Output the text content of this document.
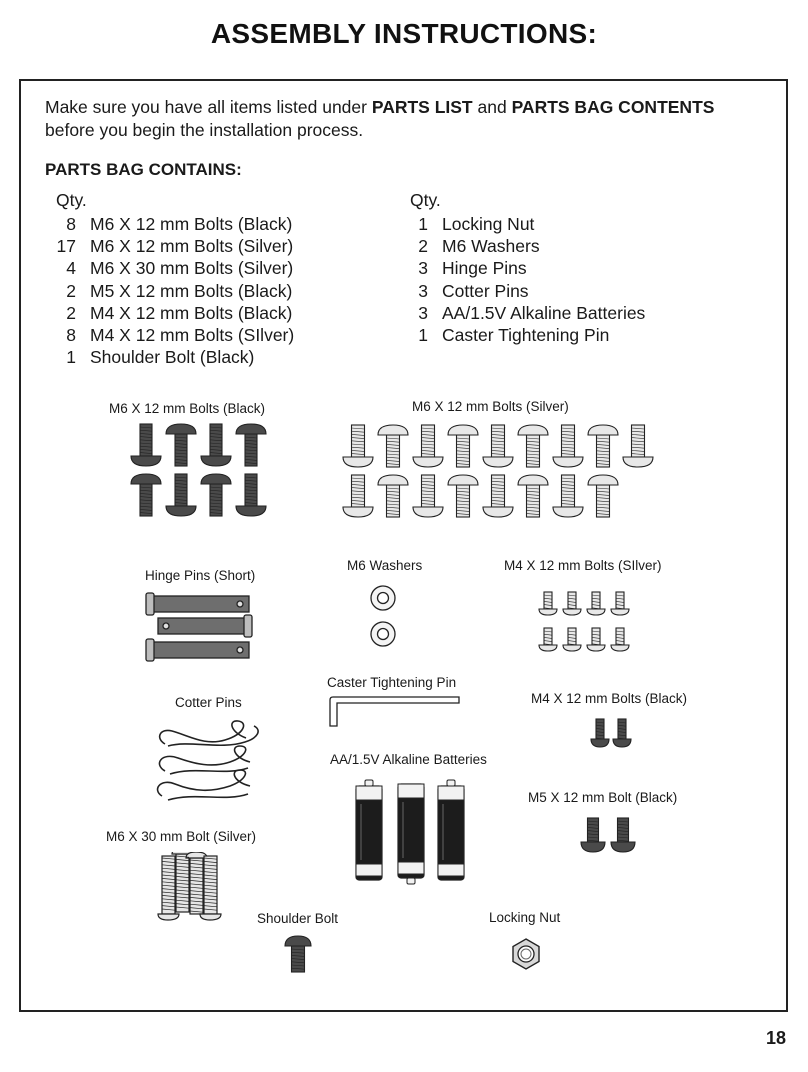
ASSEMBLY INSTRUCTIONS:
Make sure you have all items listed under PARTS LIST and PARTS BAG CONTENTS before you begin the installation process.
PARTS BAG CONTAINS:
Qty.	Qty.
8 M6 X 12 mm Bolts (Black)
17 M6 X 12 mm Bolts (Silver)
4 M6 X 30 mm Bolts (Silver)
2 M5 X 12 mm Bolts (Black)
2 M4 X 12 mm Bolts (Black)
8 M4 X 12 mm Bolts (SIlver)
1 Shoulder Bolt (Black)
1 Locking Nut
2 M6 Washers
3 Hinge Pins
3 Cotter Pins
3 AA/1.5V Alkaline Batteries
1 Caster Tightening Pin
M6 X 12 mm Bolts (Black)	M6 X 12 mm Bolts (Silver)
Hinge Pins (Short)
M6 Washers	M4 X 12 mm Bolts (SIlver)
Caster Tightening Pin
Cotter Pins	M4 X 12 mm Bolts (Black)
AA/1.5V Alkaline Batteries
M5 X 12 mm Bolt (Black)
M6 X 30 mm Bolt (Silver)
Shoulder Bolt	Locking Nut
18
